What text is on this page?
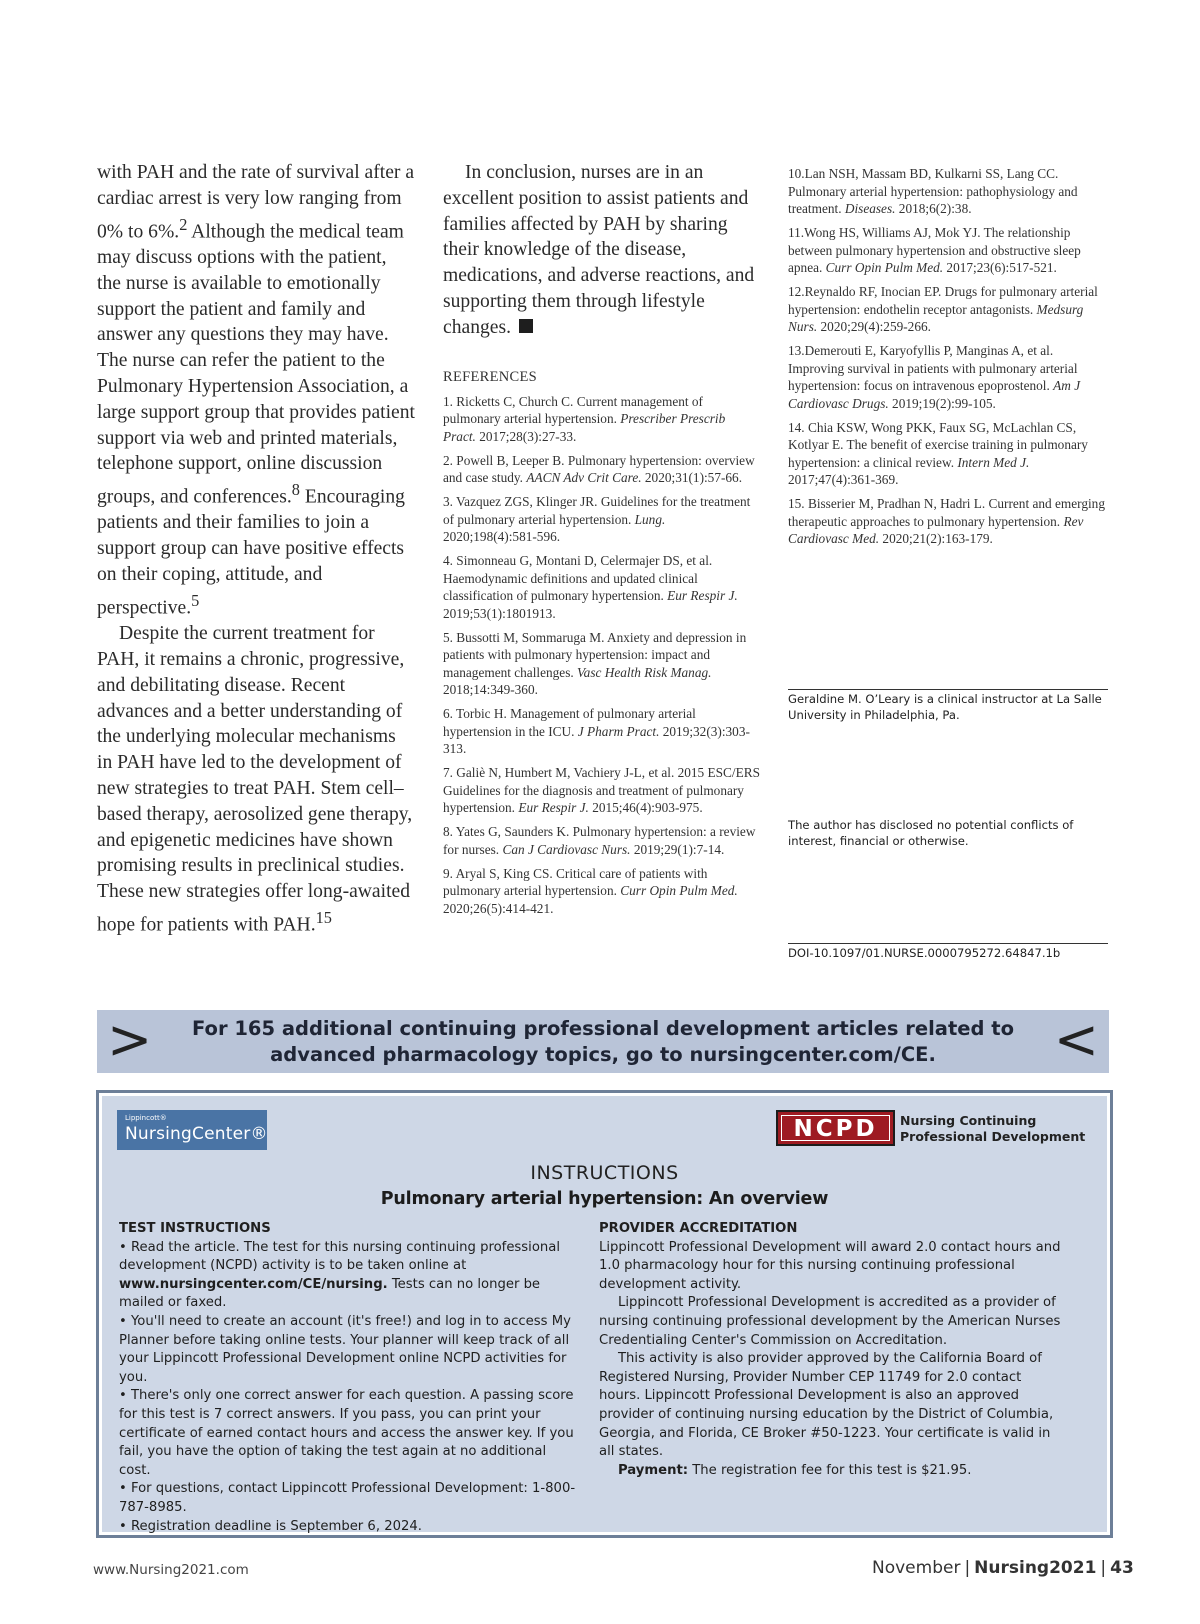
with PAH and the rate of survival after a cardiac arrest is very low ranging from 0% to 6%.$^2$ Although the medical team may discuss options with the patient, the nurse is available to emotionally support the patient and family and answer any questions they may have. The nurse can refer the patient to the Pulmonary Hypertension Association, a large support group that provides patient support via web and printed materials, telephone support, online discussion groups, and conferences.$^8$ Encouraging patients and their families to join a support group can have positive effects on their coping, attitude, and perspective.$^5$

Despite the current treatment for PAH, it remains a chronic, progressive, and debilitating disease. Recent advances and a better understanding of the underlying molecular mechanisms in PAH have led to the development of new strategies to treat PAH. Stem cell–based therapy, aerosolized gene therapy, and epigenetic medicines have shown promising results in preclinical studies. These new strategies offer long-awaited hope for patients with PAH.$^{15}$

In conclusion, nurses are in an excellent position to assist patients and families affected by PAH by sharing their knowledge of the disease, medications, and adverse reactions, and supporting them through lifestyle changes.

REFERENCES
1. Ricketts C, Church C. Current management of pulmonary arterial hypertension. Prescriber Prescrib Pract. 2017;28(3):27-33.
2. Powell B, Leeper B. Pulmonary hypertension: overview and case study. AACN Adv Crit Care. 2020;31(1):57-66.
3. Vazquez ZGS, Klinger JR. Guidelines for the treatment of pulmonary arterial hypertension. Lung. 2020;198(4):581-596.
4. Simonneau G, Montani D, Celermajer DS, et al. Haemodynamic definitions and updated clinical classification of pulmonary hypertension. Eur Respir J. 2019;53(1):1801913.
5. Bussotti M, Sommaruga M. Anxiety and depression in patients with pulmonary hypertension: impact and management challenges. Vasc Health Risk Manag. 2018;14:349-360.
6. Torbic H. Management of pulmonary arterial hypertension in the ICU. J Pharm Pract. 2019;32(3):303-313.
7. Galiè N, Humbert M, Vachiery J-L, et al. 2015 ESC/ERS Guidelines for the diagnosis and treatment of pulmonary hypertension. Eur Respir J. 2015;46(4):903-975.
8. Yates G, Saunders K. Pulmonary hypertension: a review for nurses. Can J Cardiovasc Nurs. 2019;29(1):7-14.
9. Aryal S, King CS. Critical care of patients with pulmonary arterial hypertension. Curr Opin Pulm Med. 2020;26(5):414-421.
10.Lan NSH, Massam BD, Kulkarni SS, Lang CC. Pulmonary arterial hypertension: pathophysiology and treatment. Diseases. 2018;6(2):38.
11.Wong HS, Williams AJ, Mok YJ. The relationship between pulmonary hypertension and obstructive sleep apnea. Curr Opin Pulm Med. 2017;23(6):517-521.
12.Reynaldo RF, Inocian EP. Drugs for pulmonary arterial hypertension: endothelin receptor antagonists. Medsurg Nurs. 2020;29(4):259-266.
13.Demerouti E, Karyofyllis P, Manginas A, et al. Improving survival in patients with pulmonary arterial hypertension: focus on intravenous epoprostenol. Am J Cardiovasc Drugs. 2019;19(2):99-105.
14. Chia KSW, Wong PKK, Faux SG, McLachlan CS, Kotlyar E. The benefit of exercise training in pulmonary hypertension: a clinical review. Intern Med J. 2017;47(4):361-369.
15. Bisserier M, Pradhan N, Hadri L. Current and emerging therapeutic approaches to pulmonary hypertension. Rev Cardiovasc Med. 2020;21(2):163-179.
Geraldine M. O’Leary is a clinical instructor at La Salle University in Philadelphia, Pa.
The author has disclosed no potential conflicts of interest, financial or otherwise.
DOI-10.1097/01.NURSE.0000795272.64847.1b
> For 165 additional continuing professional development articles related to
advanced pharmacology topics, go to nursingcenter.com/CE.	<
Lippincott®
NursingCenter®	NCPD	Nursing Continuing
Professional Development
INSTRUCTIONS
Pulmonary arterial hypertension: An overview
TEST INSTRUCTIONS
• Read the article. The test for this nursing continuing professional development (NCPD) activity is to be taken online at www.nursingcenter.com/CE/nursing. Tests can no longer be mailed or faxed.
• You'll need to create an account (it's free!) and log in to access My Planner before taking online tests. Your planner will keep track of all your Lippincott Professional Development online NCPD activities for you.
• There's only one correct answer for each question. A passing score for this test is 7 correct answers. If you pass, you can print your certificate of earned contact hours and access the answer key. If you fail, you have the option of taking the test again at no additional cost.
• For questions, contact Lippincott Professional Development: 1-800-787-8985.
• Registration deadline is September 6, 2024.
PROVIDER ACCREDITATION
Lippincott Professional Development will award 2.0 contact hours and 1.0 pharmacology hour for this nursing continuing professional development activity.
Lippincott Professional Development is accredited as a provider of nursing continuing professional development by the American Nurses Credentialing Center's Commission on Accreditation.
This activity is also provider approved by the California Board of Registered Nursing, Provider Number CEP 11749 for 2.0 contact hours. Lippincott Professional Development is also an approved provider of continuing nursing education by the District of Columbia, Georgia, and Florida, CE Broker #50-1223. Your certificate is valid in all states.
Payment: The registration fee for this test is $21.95.
www.Nursing2021.com	November | Nursing2021 | 43
